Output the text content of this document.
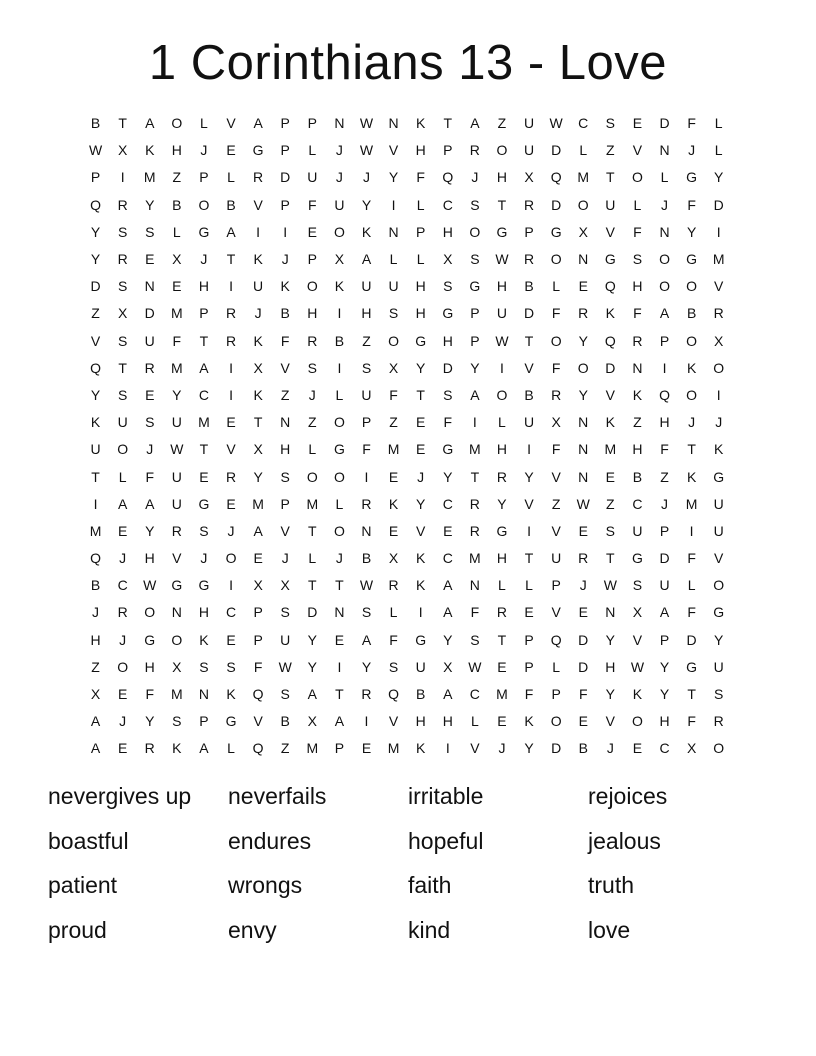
1 Corinthians 13 - Love
B	T	A	O	L	V	A	P	P	N	W	N	K	T	A	Z	U	W	C	S	E	D	F	L
W	X	K	H	J	E	G	P	L	J	W	V	H	P	R	O	U	D	L	Z	V	N	J	L
P	I	M	Z	P	L	R	D	U	J	J	Y	F	Q	J	H	X	Q	M	T	O	L	G	Y
Q	R	Y	B	O	B	V	P	F	U	Y	I	L	C	S	T	R	D	O	U	L	J	F	D
Y	S	S	L	G	A	I	I	E	O	K	N	P	H	O	G	P	G	X	V	F	N	Y	I
Y	R	E	X	J	T	K	J	P	X	A	L	L	X	S	W	R	O	N	G	S	O	G	M
D	S	N	E	H	I	U	K	O	K	U	U	H	S	G	H	B	L	E	Q	H	O	O	V
Z	X	D	M	P	R	J	B	H	I	H	S	H	G	P	U	D	F	R	K	F	A	B	R
V	S	U	F	T	R	K	F	R	B	Z	O	G	H	P	W	T	O	Y	Q	R	P	O	X
Q	T	R	M	A	I	X	V	S	I	S	X	Y	D	Y	I	V	F	O	D	N	I	K	O
Y	S	E	Y	C	I	K	Z	J	L	U	F	T	S	A	O	B	R	Y	V	K	Q	O	I
K	U	S	U	M	E	T	N	Z	O	P	Z	E	F	I	L	U	X	N	K	Z	H	J	J
U	O	J	W	T	V	X	H	L	G	F	M	E	G	M	H	I	F	N	M	H	F	T	K
T	L	F	U	E	R	Y	S	O	O	I	E	J	Y	T	R	Y	V	N	E	B	Z	K	G
I	A	A	U	G	E	M	P	M	L	R	K	Y	C	R	Y	V	Z	W	Z	C	J	M	U
M	E	Y	R	S	J	A	V	T	O	N	E	V	E	R	G	I	V	E	S	U	P	I	U
Q	J	H	V	J	O	E	J	L	J	B	X	K	C	M	H	T	U	R	T	G	D	F	V
B	C	W	G	G	I	X	X	T	T	W	R	K	A	N	L	L	P	J	W	S	U	L	O
J	R	O	N	H	C	P	S	D	N	S	L	I	A	F	R	E	V	E	N	X	A	F	G
H	J	G	O	K	E	P	U	Y	E	A	F	G	Y	S	T	P	Q	D	Y	V	P	D	Y
Z	O	H	X	S	S	F	W	Y	I	Y	S	U	X	W	E	P	L	D	H	W	Y	G	U
X	E	F	M	N	K	Q	S	A	T	R	Q	B	A	C	M	F	P	F	Y	K	Y	T	S
A	J	Y	S	P	G	V	B	X	A	I	V	H	H	L	E	K	O	E	V	O	H	F	R
A	E	R	K	A	L	Q	Z	M	P	E	M	K	I	V	J	Y	D	B	J	E	C	X	O
nevergives up	neverfails	irritable	rejoices
boastful	endures	hopeful	jealous
patient	wrongs	faith	truth
proud	envy	kind	love
